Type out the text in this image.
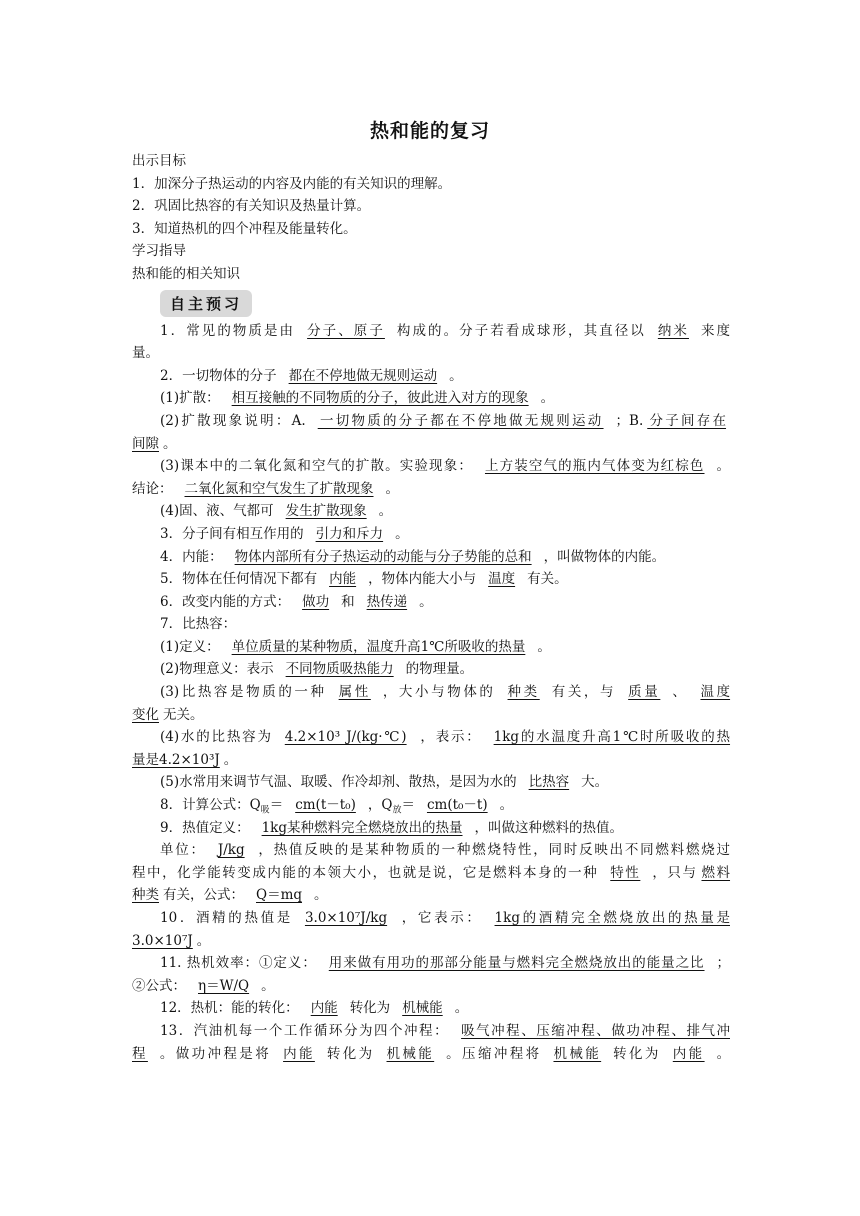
热和能的复习
出示目标
1．加深分子热运动的内容及内能的有关知识的理解。
2．巩固比热容的有关知识及热量计算。
3．知道热机的四个冲程及能量转化。
学习指导
热和能的相关知识
自主预习
1．常见的物质是由 分子、原子 构成的。分子若看成球形，其直径以 纳米 来度
量。
2．一切物体的分子 都在不停地做无规则运动 。
(1)扩散： 相互接触的不同物质的分子，彼此进入对方的现象 。
(2)扩散现象说明：A. 一切物质的分子都在不停地做无规则运动 ；B. 分子间存在
间隙 。
(3)课本中的二氧化氮和空气的扩散。实验现象： 上方装空气的瓶内气体变为红棕色 。
结论： 二氧化氮和空气发生了扩散现象 。
(4)固、液、气都可 发生扩散现象 。
3．分子间有相互作用的 引力和斥力 。
4．内能： 物体内部所有分子热运动的动能与分子势能的总和 ，叫做物体的内能。
5．物体在任何情况下都有 内能 ，物体内能大小与 温度 有关。
6．改变内能的方式： 做功 和 热传递 。
7．比热容：
(1)定义： 单位质量的某种物质，温度升高1℃所吸收的热量 。
(2)物理意义：表示 不同物质吸热能力 的物理量。
(3)比热容是物质的一种 属性 ，大小与物体的 种类 有关，与 质量 、 温度
变化 无关。
(4)水的比热容为 4.2×10³ J/(kg·℃) ，表示： 1kg的水温度升高1℃时所吸收的热
量是4.2×10³J 。
(5)水常用来调节气温、取暖、作冷却剂、散热，是因为水的 比热容 大。
8．计算公式：$Q_吸= cm(t-t_0)$ ，$Q_放= cm(t_0-t)$ 。
9．热值定义： 1kg某种燃料完全燃烧放出的热量 ，叫做这种燃料的热值。
单位： J/kg ，热值反映的是某种物质的一种燃烧特性，同时反映出不同燃料燃烧过
程中，化学能转变成内能的本领大小，也就是说，它是燃料本身的一种 特性 ，只与 燃料
种类 有关，公式： Q＝mq 。
10．酒精的热值是 3.0×10⁷J/kg ，它表示： 1kg的酒精完全燃烧放出的热量是
3.0×10⁷J 。
11. 热机效率：①定义： 用来做有用功的那部分能量与燃料完全燃烧放出的能量之比 ；
②公式： η＝W/Q 。
12．热机：能的转化： 内能 转化为 机械能 。
13．汽油机每一个工作循环分为四个冲程： 吸气冲程、压缩冲程、做功冲程、排气冲
程 。做功冲程是将 内能 转化为 机械能 。压缩冲程将 机械能 转化为 内能 。
